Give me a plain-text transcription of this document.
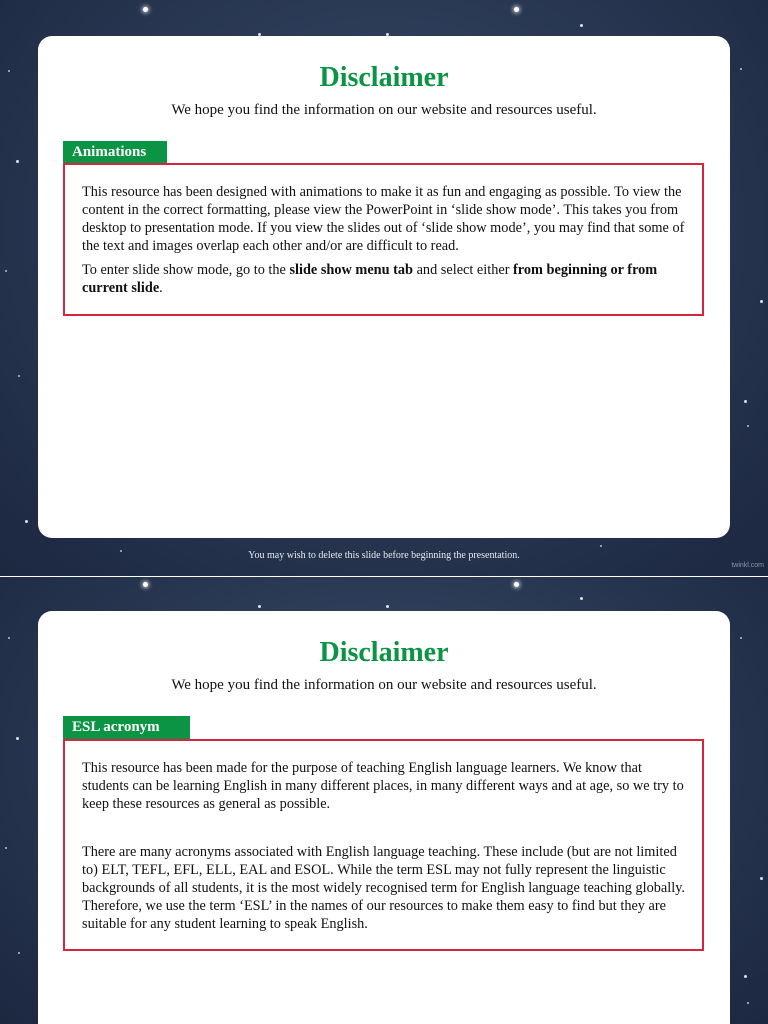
Disclaimer
We hope you find the information on our website and resources useful.
Animations

This resource has been designed with animations to make it as fun and engaging as possible. To view the content in the correct formatting, please view the PowerPoint in ‘slide show mode’. This takes you from desktop to presentation mode. If you view the slides out of ‘slide show mode’, you may find that some of the text and images overlap each other and/or are difficult to read.

To enter slide show mode, go to the slide show menu tab and select either from beginning or from current slide.

You may wish to delete this slide before beginning the presentation.
twinkl.com
Disclaimer
We hope you find the information on our website and resources useful.
ESL acronym

This resource has been made for the purpose of teaching English language learners. We know that students can be learning English in many different places, in many different ways and at age, so we try to keep these resources as general as possible.

There are many acronyms associated with English language teaching. These include (but are not limited to) ELT, TEFL, EFL, ELL, EAL and ESOL. While the term ESL may not fully represent the linguistic backgrounds of all students, it is the most widely recognised term for English language teaching globally. Therefore, we use the term ‘ESL’ in the names of our resources to make them easy to find but they are suitable for any student learning to speak English.
